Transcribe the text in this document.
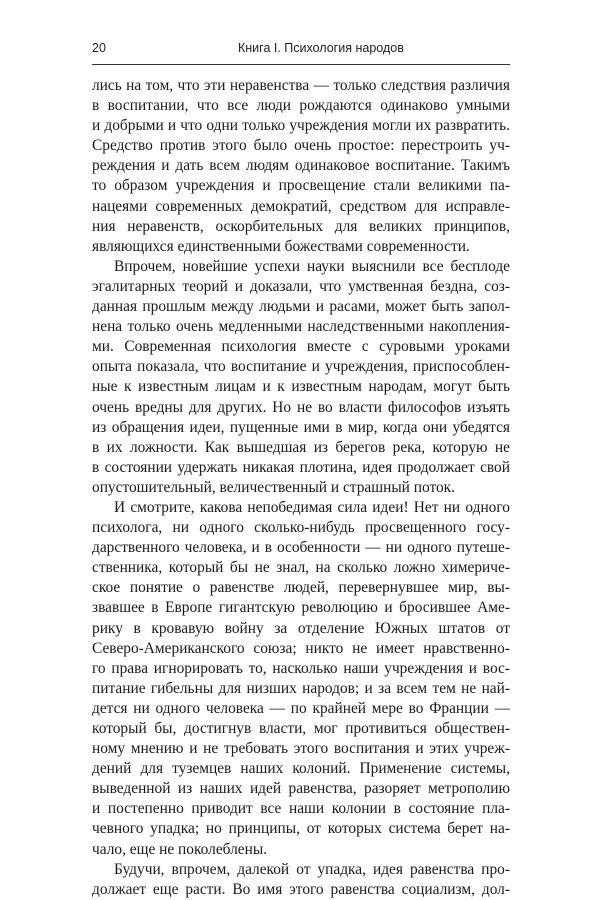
20	Книга I. Психология народов
лись на том, что эти неравенства — только следствия различия
в воспитании, что все люди рождаются одинаково умными
и добрыми и что одни только учреждения могли их развратить.
Средство против этого было очень простое: перестроить уч-
реждения и дать всем людям одинаковое воспитание. Такимъ
то образом учреждения и просвещение стали великими па-
нацеями современных демократий, средством для исправле-
ния неравенств, оскорбительных для великих принципов,
являющихся единственными божествами современности.
Впрочем, новейшие успехи науки выяснили все бесплоде
эгалитарных теорий и доказали, что умственная бездна, соз-
данная прошлым между людьми и расами, может быть запол-
нена только очень медленными наследственными накопления-
ми. Современная психология вместе с суровыми уроками
опыта показала, что воспитание и учреждения, приспособлен-
ные к известным лицам и к известным народам, могут быть
очень вредны для других. Но не во власти философов изъять
из обращения идеи, пущенные ими в мир, когда они убедятся
в их ложности. Как вышедшая из берегов река, которую не
в состоянии удержать никакая плотина, идея продолжает свой
опустошительный, величественный и страшный поток.
И смотрите, какова непобедимая сила идеи! Нет ни одного
психолога, ни одного сколько-нибудь просвещенного госу-
дарственного человека, и в особенности — ни одного путеше-
ственника, который бы не знал, на сколько ложно химериче-
ское понятие о равенстве людей, перевернувшее мир, вы-
звавшее в Европе гигантскую революцию и бросившее Аме-
рику в кровавую войну за отделение Южных штатов от
Северо-Американского союза; никто не имеет нравственно-
го права игнорировать то, насколько наши учреждения и вос-
питание гибельны для низших народов; и за всем тем не най-
дется ни одного человека — по крайней мере во Франции —
который бы, достигнув власти, мог противиться обществен-
ному мнению и не требовать этого воспитания и этих учреж-
дений для туземцев наших колоний. Применение системы,
выведенной из наших идей равенства, разоряет метрополию
и постепенно приводит все наши колонии в состояние пла-
чевного упадка; но принципы, от которых система берет на-
чало, еще не поколеблены.
Будучи, впрочем, далекой от упадка, идея равенства про-
должает еще расти. Во имя этого равенства социализм, дол-
